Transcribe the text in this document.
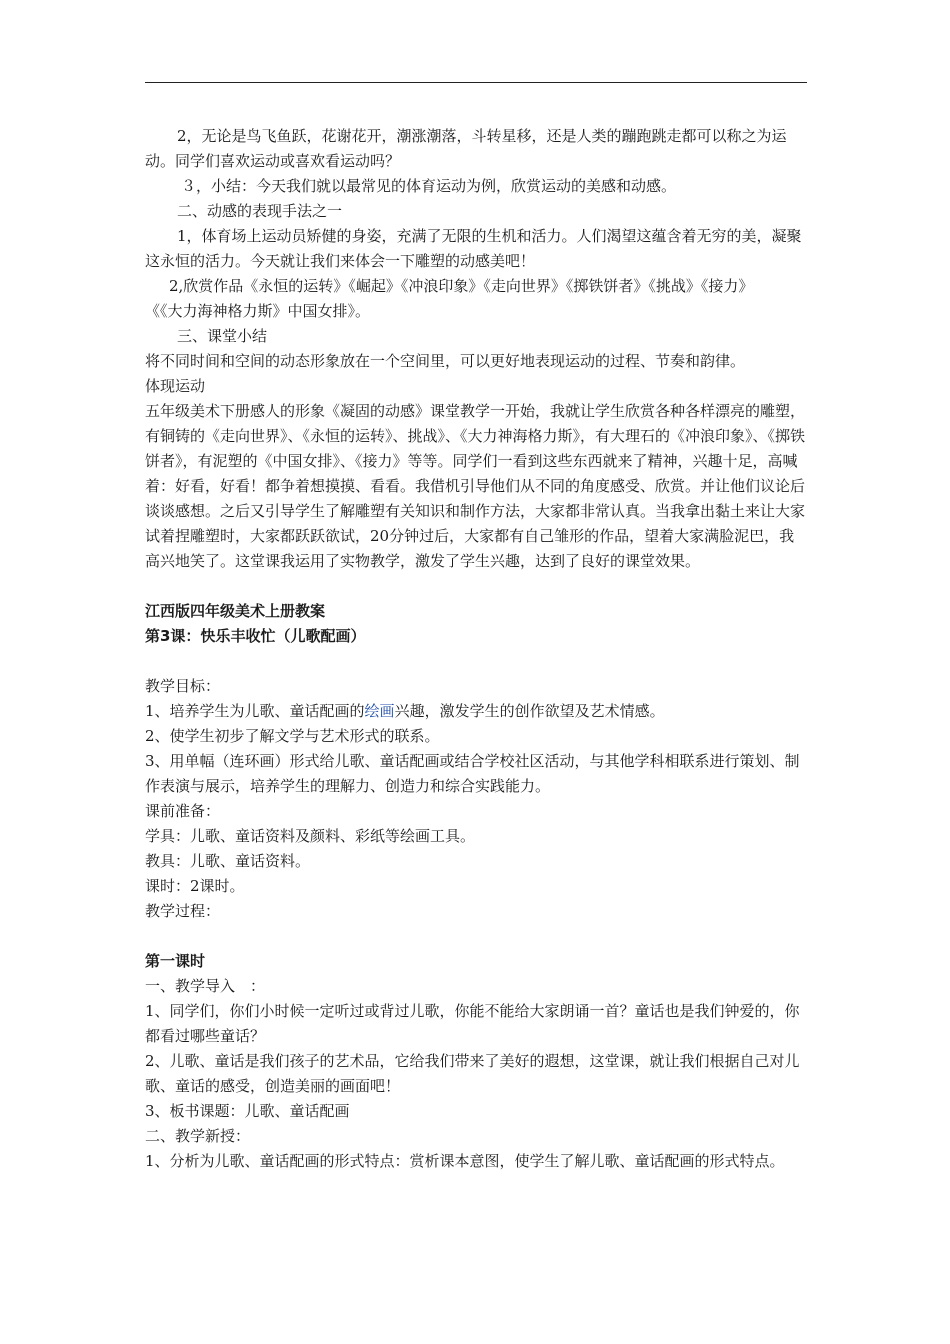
2，无论是鸟飞鱼跃，花谢花开，潮涨潮落，斗转星移，还是人类的蹦跑跳走都可以称之为运动。同学们喜欢运动或喜欢看运动吗？

３，小结：今天我们就以最常见的体育运动为例，欣赏运动的美感和动感。

二、动感的表现手法之一

1，体育场上运动员矫健的身姿，充满了无限的生机和活力。人们渴望这蕴含着无穷的美，凝聚这永恒的活力。今天就让我们来体会一下雕塑的动感美吧！

2,欣赏作品《永恒的运转》《崛起》《冲浪印象》《走向世界》《掷铁饼者》《挑战》《接力》

《《大力海神格力斯》中国女排》。

三、课堂小结

将不同时间和空间的动态形象放在一个空间里，可以更好地表现运动的过程、节奏和韵律。

体现运动

五年级美术下册感人的形象《凝固的动感》课堂教学一开始，我就让学生欣赏各种各样漂亮的雕塑，有铜铸的《走向世界》、《永恒的运转》、挑战》、《大力神海格力斯》，有大理石的《冲浪印象》、《掷铁饼者》，有泥塑的《中国女排》、《接力》等等。同学们一看到这些东西就来了精神，兴趣十足，高喊着：好看，好看！都争着想摸摸、看看。我借机引导他们从不同的角度感受、欣赏。并让他们议论后谈谈感想。之后又引导学生了解雕塑有关知识和制作方法，大家都非常认真。当我拿出黏土来让大家试着捏雕塑时，大家都跃跃欲试，20分钟过后，大家都有自己雏形的作品，望着大家满脸泥巴，我高兴地笑了。这堂课我运用了实物教学，激发了学生兴趣，达到了良好的课堂效果。

江西版四年级美术上册教案

第3课：快乐丰收忙（儿歌配画）

教学目标：

1、培养学生为儿歌、童话配画的绘画兴趣，激发学生的创作欲望及艺术情感。

2、使学生初步了解文学与艺术形式的联系。

3、用单幅（连环画）形式给儿歌、童话配画或结合学校社区活动，与其他学科相联系进行策划、制作表演与展示，培养学生的理解力、创造力和综合实践能力。

课前准备：

学具：儿歌、童话资料及颜料、彩纸等绘画工具。

教具：儿歌、童话资料。

课时：2课时。

教学过程：

第一课时

一、教学导入　：

1、同学们，你们小时候一定听过或背过儿歌，你能不能给大家朗诵一首？童话也是我们钟爱的，你都看过哪些童话？

2、儿歌、童话是我们孩子的艺术品，它给我们带来了美好的遐想，这堂课，就让我们根据自己对儿歌、童话的感受，创造美丽的画面吧！

3、板书课题：儿歌、童话配画

二、教学新授：

1、分析为儿歌、童话配画的形式特点：赏析课本意图，使学生了解儿歌、童话配画的形式特点。
